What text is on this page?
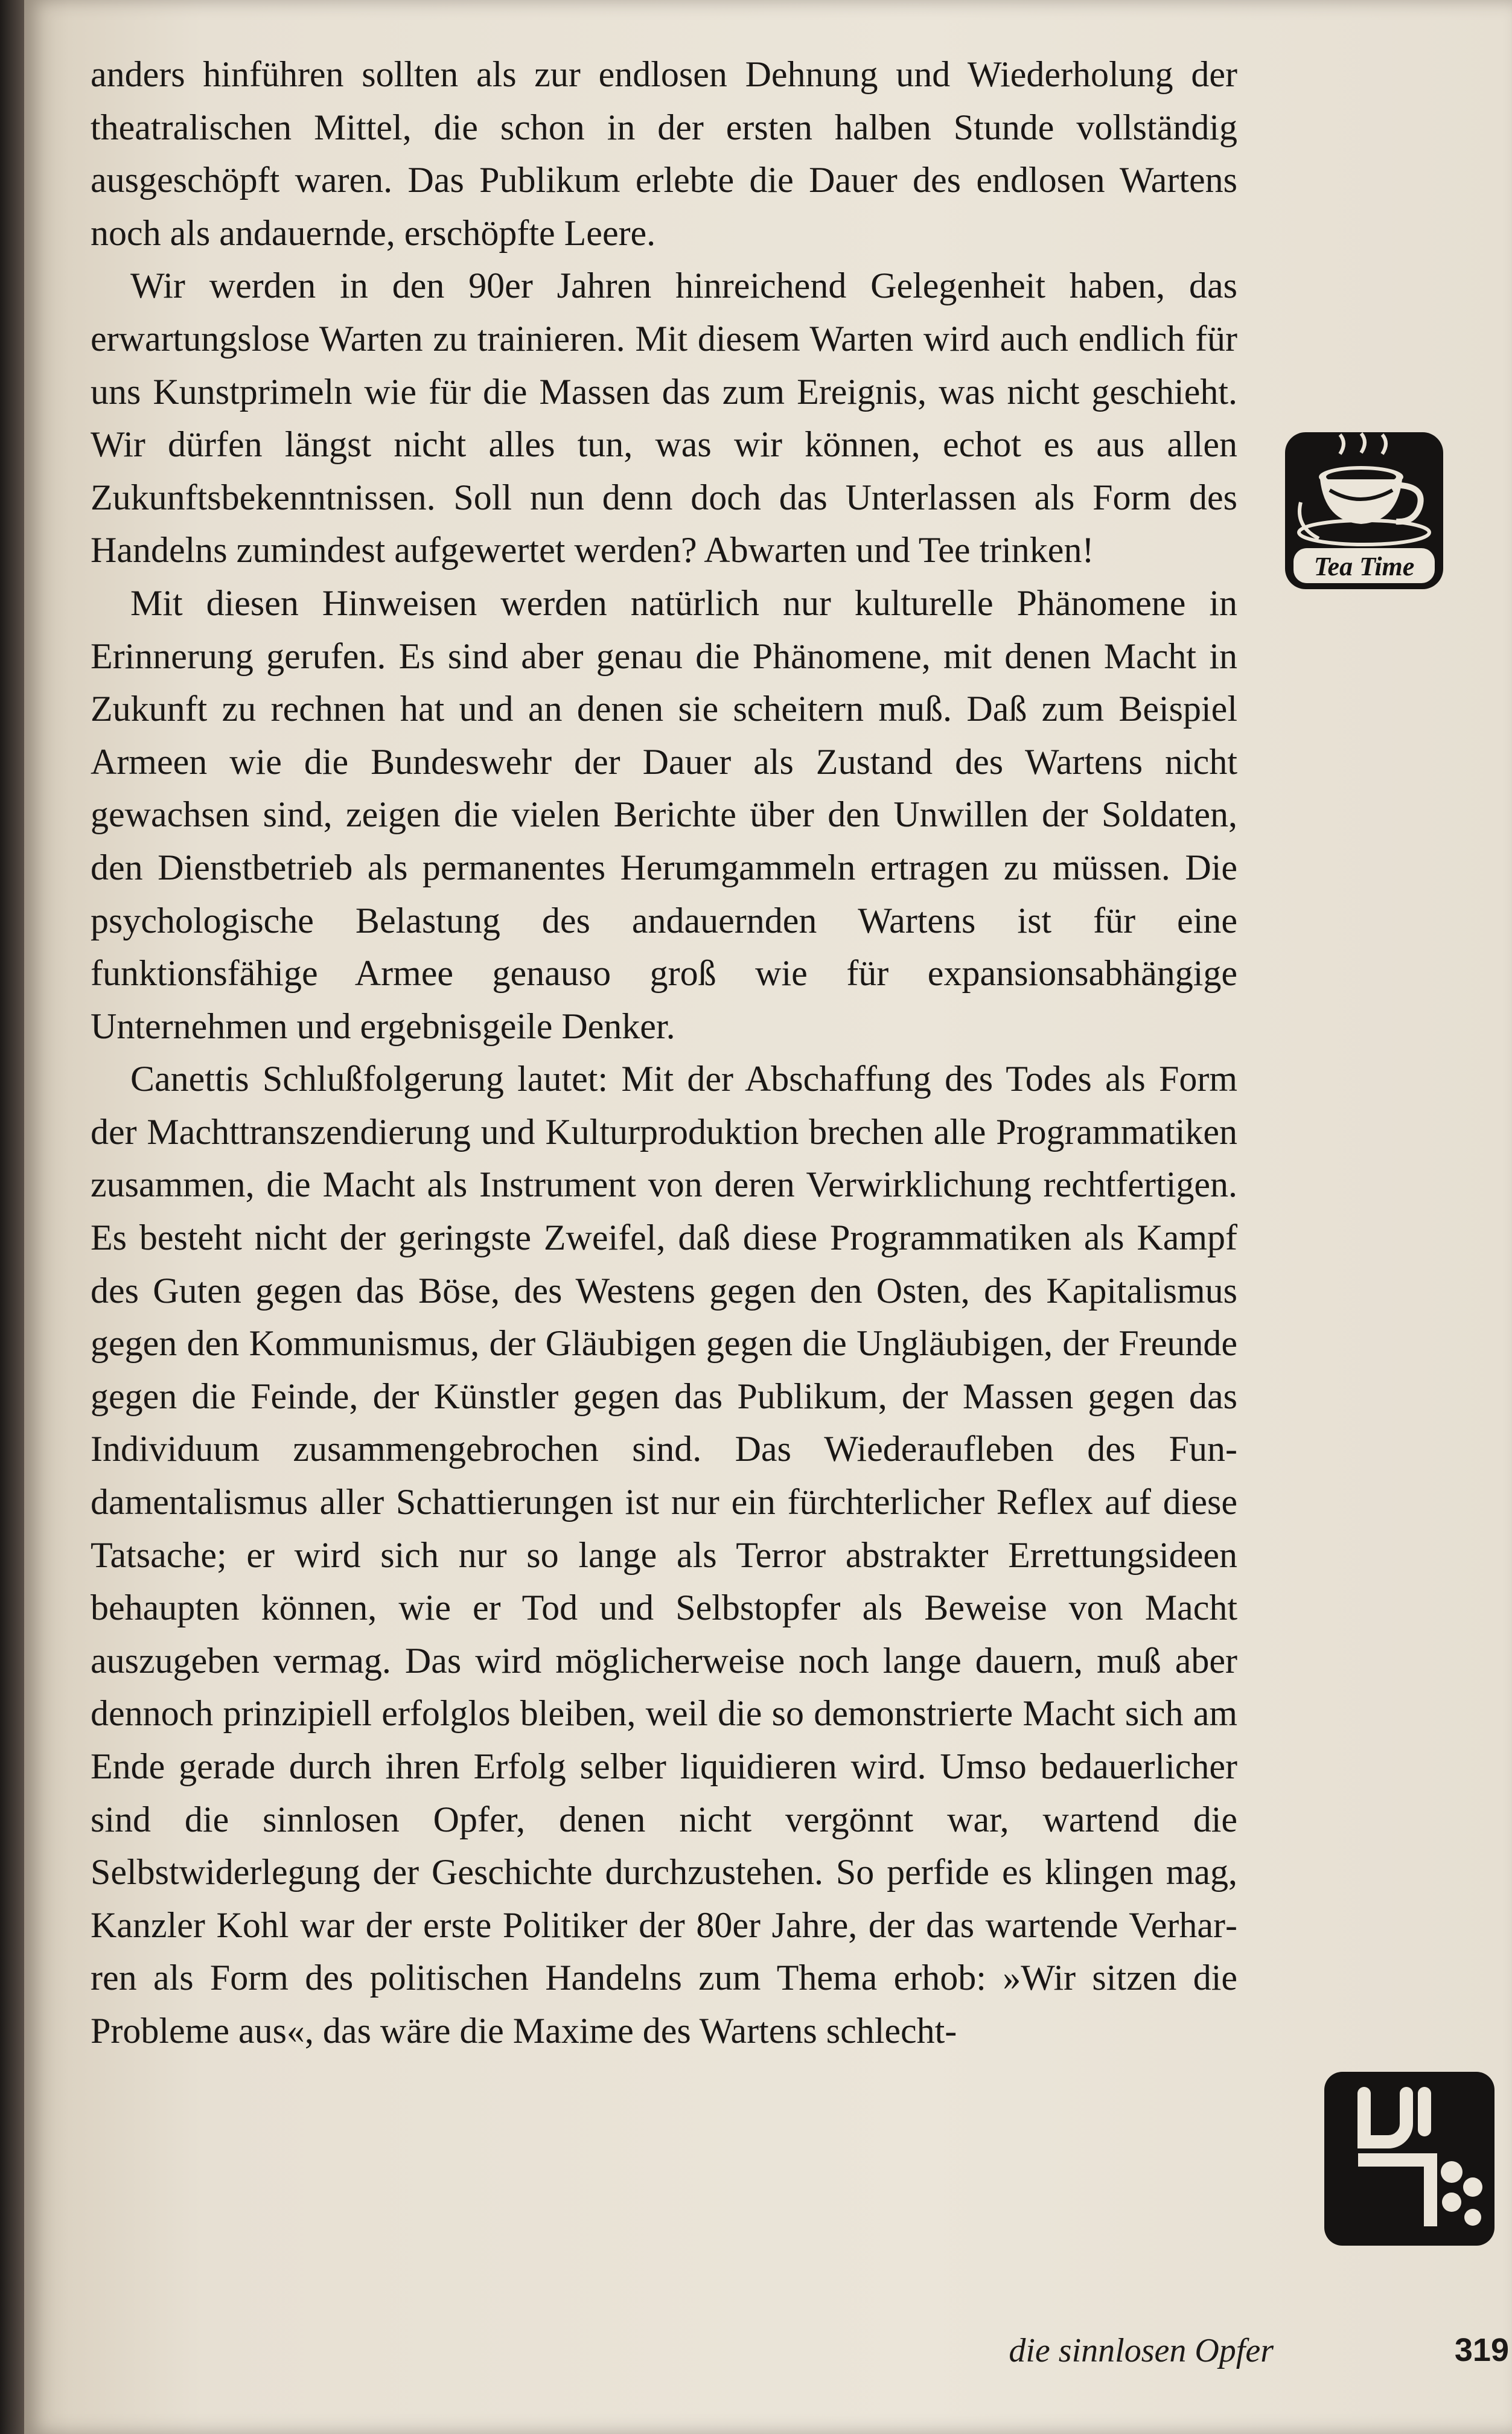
anders hinführen sollten als zur endlosen Dehnung und Wiederholung der theatralischen Mittel, die schon in der ersten halben Stunde vollständig ausgeschöpft waren. Das Publikum erlebte die Dauer des endlosen Wartens noch als andauernde, erschöpfte Leere.

Wir werden in den 90er Jahren hinreichend Gelegenheit haben, das erwartungslose Warten zu trainieren. Mit diesem Warten wird auch endlich für uns Kunstprimeln wie für die Massen das zum Ereignis, was nicht geschieht. Wir dürfen längst nicht alles tun, was wir können, echot es aus allen Zukunftsbekenntnissen. Soll nun denn doch das Unterlassen als Form des Handelns zumindest aufgewertet werden? Abwarten und Tee trinken!

Mit diesen Hinweisen werden natürlich nur kulturelle Phänomene in Erinnerung gerufen. Es sind aber genau die Phänomene, mit denen Macht in Zukunft zu rechnen hat und an denen sie scheitern muß. Daß zum Beispiel Armeen wie die Bundeswehr der Dauer als Zustand des Wartens nicht gewachsen sind, zeigen die vielen Berichte über den Unwillen der Soldaten, den Dienstbetrieb als permanentes Herumgammeln ertragen zu müssen. Die psychologische Belastung des andauernden Wartens ist für eine funktionsfähige Armee genauso groß wie für expansionsabhängige Unternehmen und ergebnisgeile Denker.

Canettis Schlußfolgerung lautet: Mit der Abschaffung des Todes als Form der Machttranszendierung und Kulturproduktion brechen alle Programmatiken zusammen, die Macht als Instrument von deren Verwirklichung rechtfertigen. Es besteht nicht der geringste Zweifel, daß diese Programmatiken als Kampf des Guten gegen das Böse, des Westens gegen den Osten, des Kapitalismus gegen den Kommunismus, der Gläubigen gegen die Ungläubigen, der Freunde gegen die Feinde, der Künstler gegen das Publikum, der Massen gegen das Individuum zusammengebrochen sind. Das Wiederaufleben des Fundamentalismus aller Schattierungen ist nur ein fürchterlicher Reflex auf diese Tatsache; er wird sich nur so lange als Terror abstrakter Errettungsideen behaupten können, wie er Tod und Selbstopfer als Beweise von Macht auszugeben vermag. Das wird möglicherweise noch lange dauern, muß aber dennoch prinzipiell erfolglos bleiben, weil die so demonstrierte Macht sich am Ende gerade durch ihren Erfolg selber liquidieren wird. Umso bedauerlicher sind die sinnlosen Opfer, denen nicht vergönnt war, wartend die Selbstwiderlegung der Geschichte durchzustehen. So perfide es klingen mag, Kanzler Kohl war der erste Politiker der 80er Jahre, der das wartende Verharren als Form des politischen Handelns zum Thema erhob: »Wir sitzen die Probleme aus«, das wäre die Maxime des Wartens schlecht-

Tea Time
die sinnlosen Opfer	319
